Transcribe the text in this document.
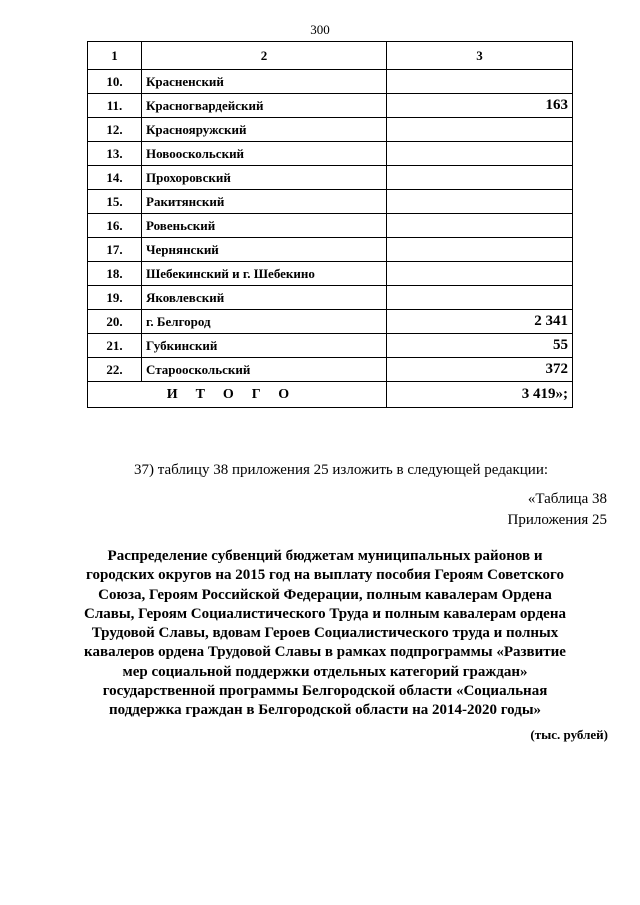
300
1	2	3
10.	Красненский	
11.	Красногвардейский	163
12.	Краснояружский	
13.	Новооскольский	
14.	Прохоровский	
15.	Ракитянский	
16.	Ровеньский	
17.	Чернянский	
18.	Шебекинский и г. Шебекино	
19.	Яковлевский	
20.	г. Белгород	2 341
21.	Губкинский	55
22.	Старооскольский	372
ИТОГО		3 419»;
37) таблицу 38 приложения 25 изложить в следующей редакции:
«Таблица 38
Приложения 25
Распределение субвенций бюджетам муниципальных районов и городских округов на 2015 год на выплату пособия Героям Советского Союза, Героям Российской Федерации, полным кавалерам Ордена Славы, Героям Социалистического Труда и полным кавалерам ордена Трудовой Славы, вдовам Героев Социалистического труда и полных кавалеров ордена Трудовой Славы в рамках подпрограммы «Развитие мер социальной поддержки отдельных категорий граждан» государственной программы Белгородской области «Социальная поддержка граждан в Белгородской области на 2014-2020 годы»
(тыс. рублей)
